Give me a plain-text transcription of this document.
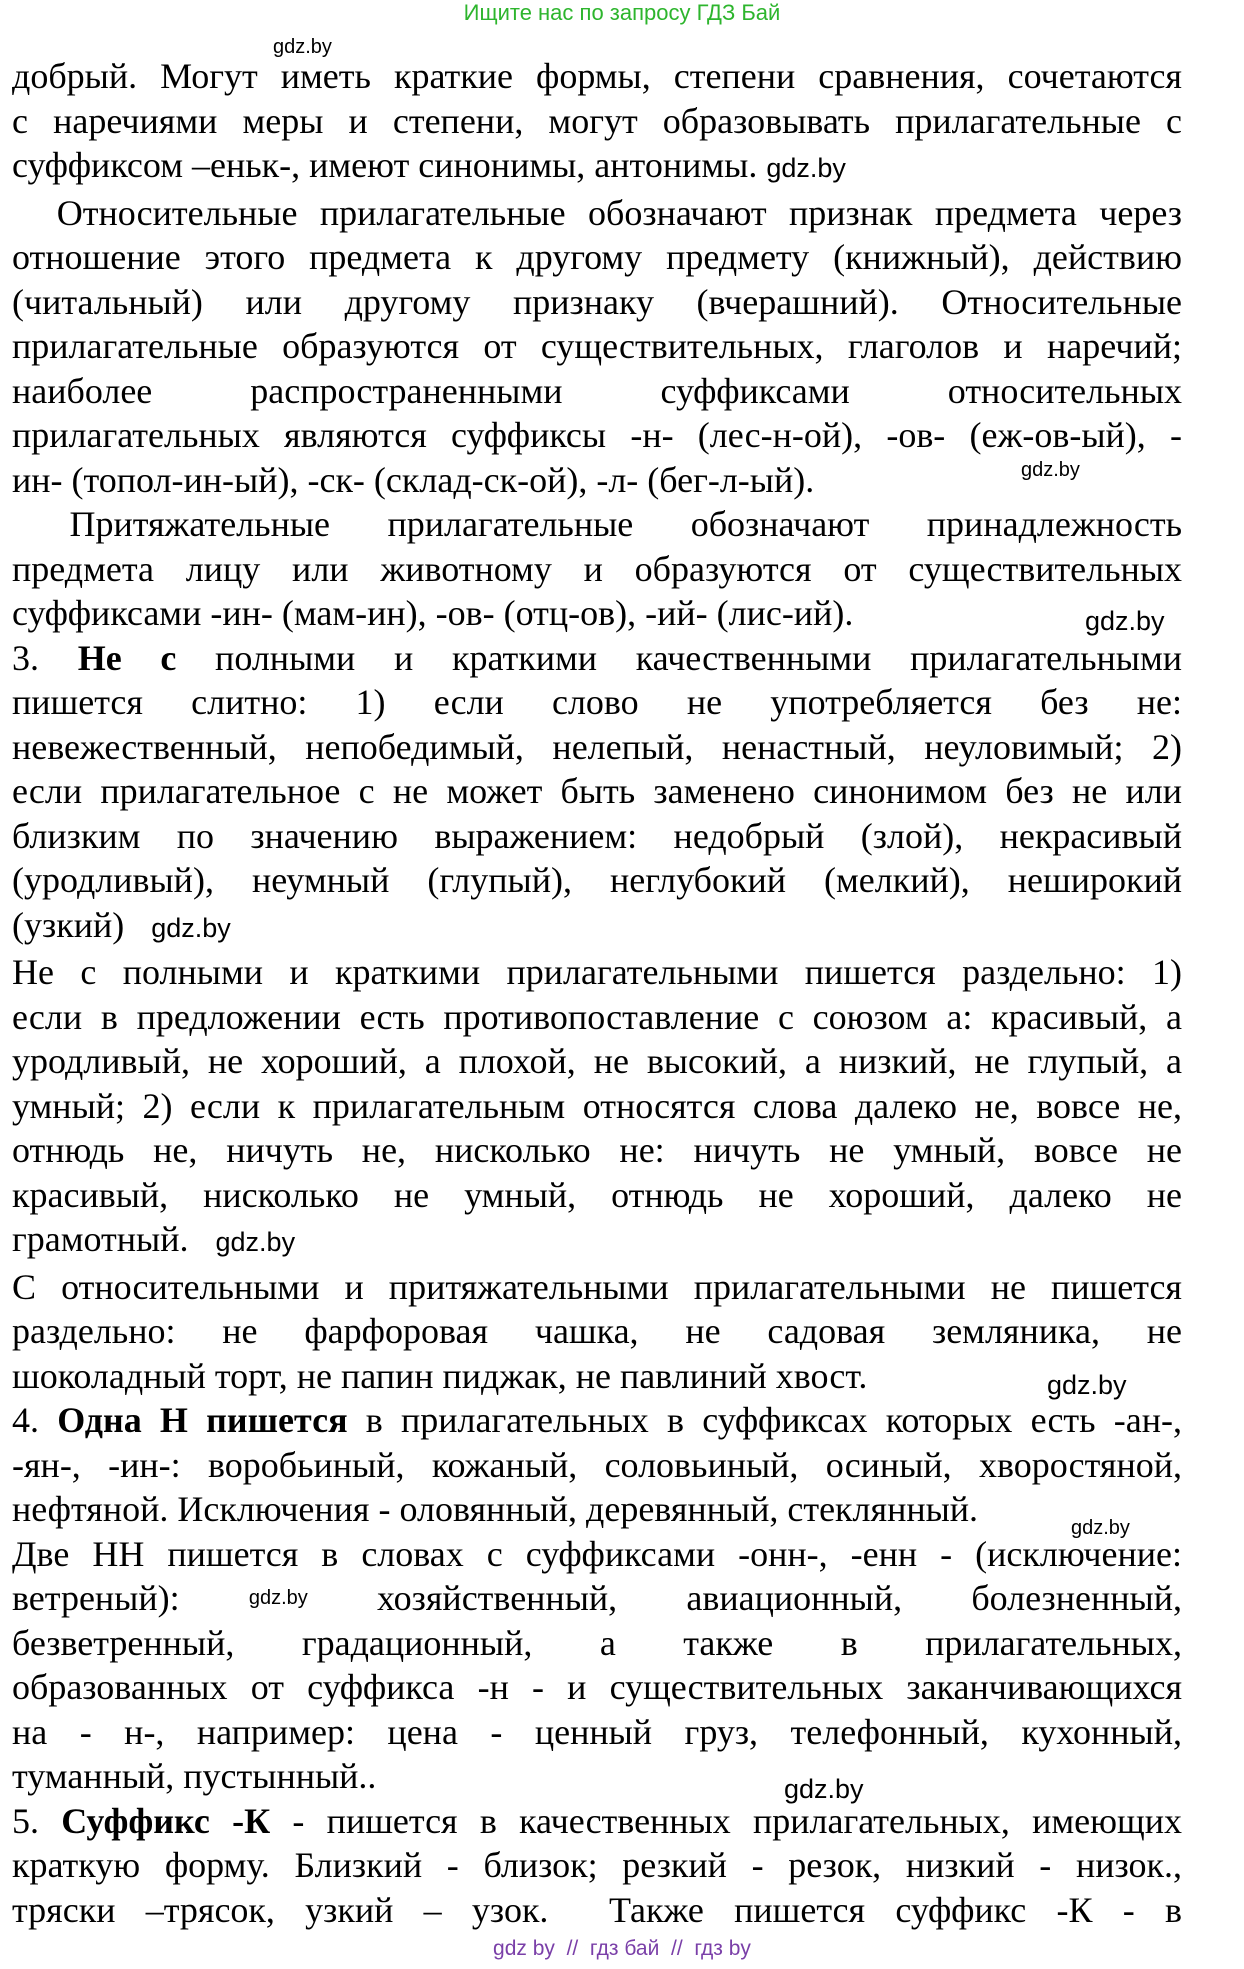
Ищите нас по запросу ГДЗ Бай
gdz.by
gdz.by
gdz.by
gdz.by
gdz.by
gdz.by
добрый. Могут иметь краткие формы, степени сравнения, сочетаются
с наречиями меры и степени, могут образовывать прилагательные с
суффиксом –еньк-, имеют синонимы, антонимы. gdz.by
Относительные прилагательные обозначают признак предмета через
отношение этого предмета к другому предмету (книжный), действию
(читальный) или другому признаку (вчерашний). Относительные
прилагательные образуются от существительных, глаголов и наречий;
наиболее распространенными суффиксами относительных
прилагательных являются суффиксы -н- (лес-н-ой), -ов- (еж-ов-ый), -
ин- (топол-ин-ый), -ск- (склад-ск-ой), -л- (бег-л-ый).
Притяжательные прилагательные обозначают принадлежность
предмета лицу или животному и образуются от существительных
суффиксами -ин- (мам-ин), -ов- (отц-ов), -ий- (лис-ий).
3. Не с полными и краткими качественными прилагательными
пишется слитно: 1) если слово не употребляется без не:
невежественный, непобедимый, нелепый, ненастный, неуловимый; 2)
если прилагательное с не может быть заменено синонимом без не или
близким по значению выражением: недобрый (злой), некрасивый
(уродливый), неумный (глупый), неглубокий (мелкий), неширокий
(узкий) gdz.by
Не с полными и краткими прилагательными пишется раздельно: 1)
если в предложении есть противопоставление с союзом а: красивый, а
уродливый, не хороший, а плохой, не высокий, а низкий, не глупый, а
умный; 2) если к прилагательным относятся слова далеко не, вовсе не,
отнюдь не, ничуть не, нисколько не: ничуть не умный, вовсе не
красивый, нисколько не умный, отнюдь не хороший, далеко не
грамотный. gdz.by
С относительными и притяжательными прилагательными не пишется
раздельно: не фарфоровая чашка, не садовая земляника, не
шоколадный торт, не папин пиджак, не павлиний хвост.
4. Одна Н пишется в прилагательных в суффиксах которых есть -ан-,
-ян-, -ин-: воробьиный, кожаный, соловьиный, осиный, хворостяной,
нефтяной. Исключения - оловянный, деревянный, стеклянный.
Две НН пишется в словах с суффиксами -онн-, -енн - (исключение:
ветреный):	gdz.by хозяйственный, авиационный, болезненный,
безветренный, градационный, а также в прилагательных,
образованных от суффикса -н - и существительных заканчивающихся
на - н-, например: цена - ценный груз, телефонный, кухонный,
туманный, пустынный..
5. Суффикс -К - пишется в качественных прилагательных, имеющих
краткую форму. Близкий - близок; резкий - резок, низкий - низок.,
тряски –трясок, узкий – узок.  Также пишется суффикс -К - в
gdz by  //  гдз бай  //  гдз by
